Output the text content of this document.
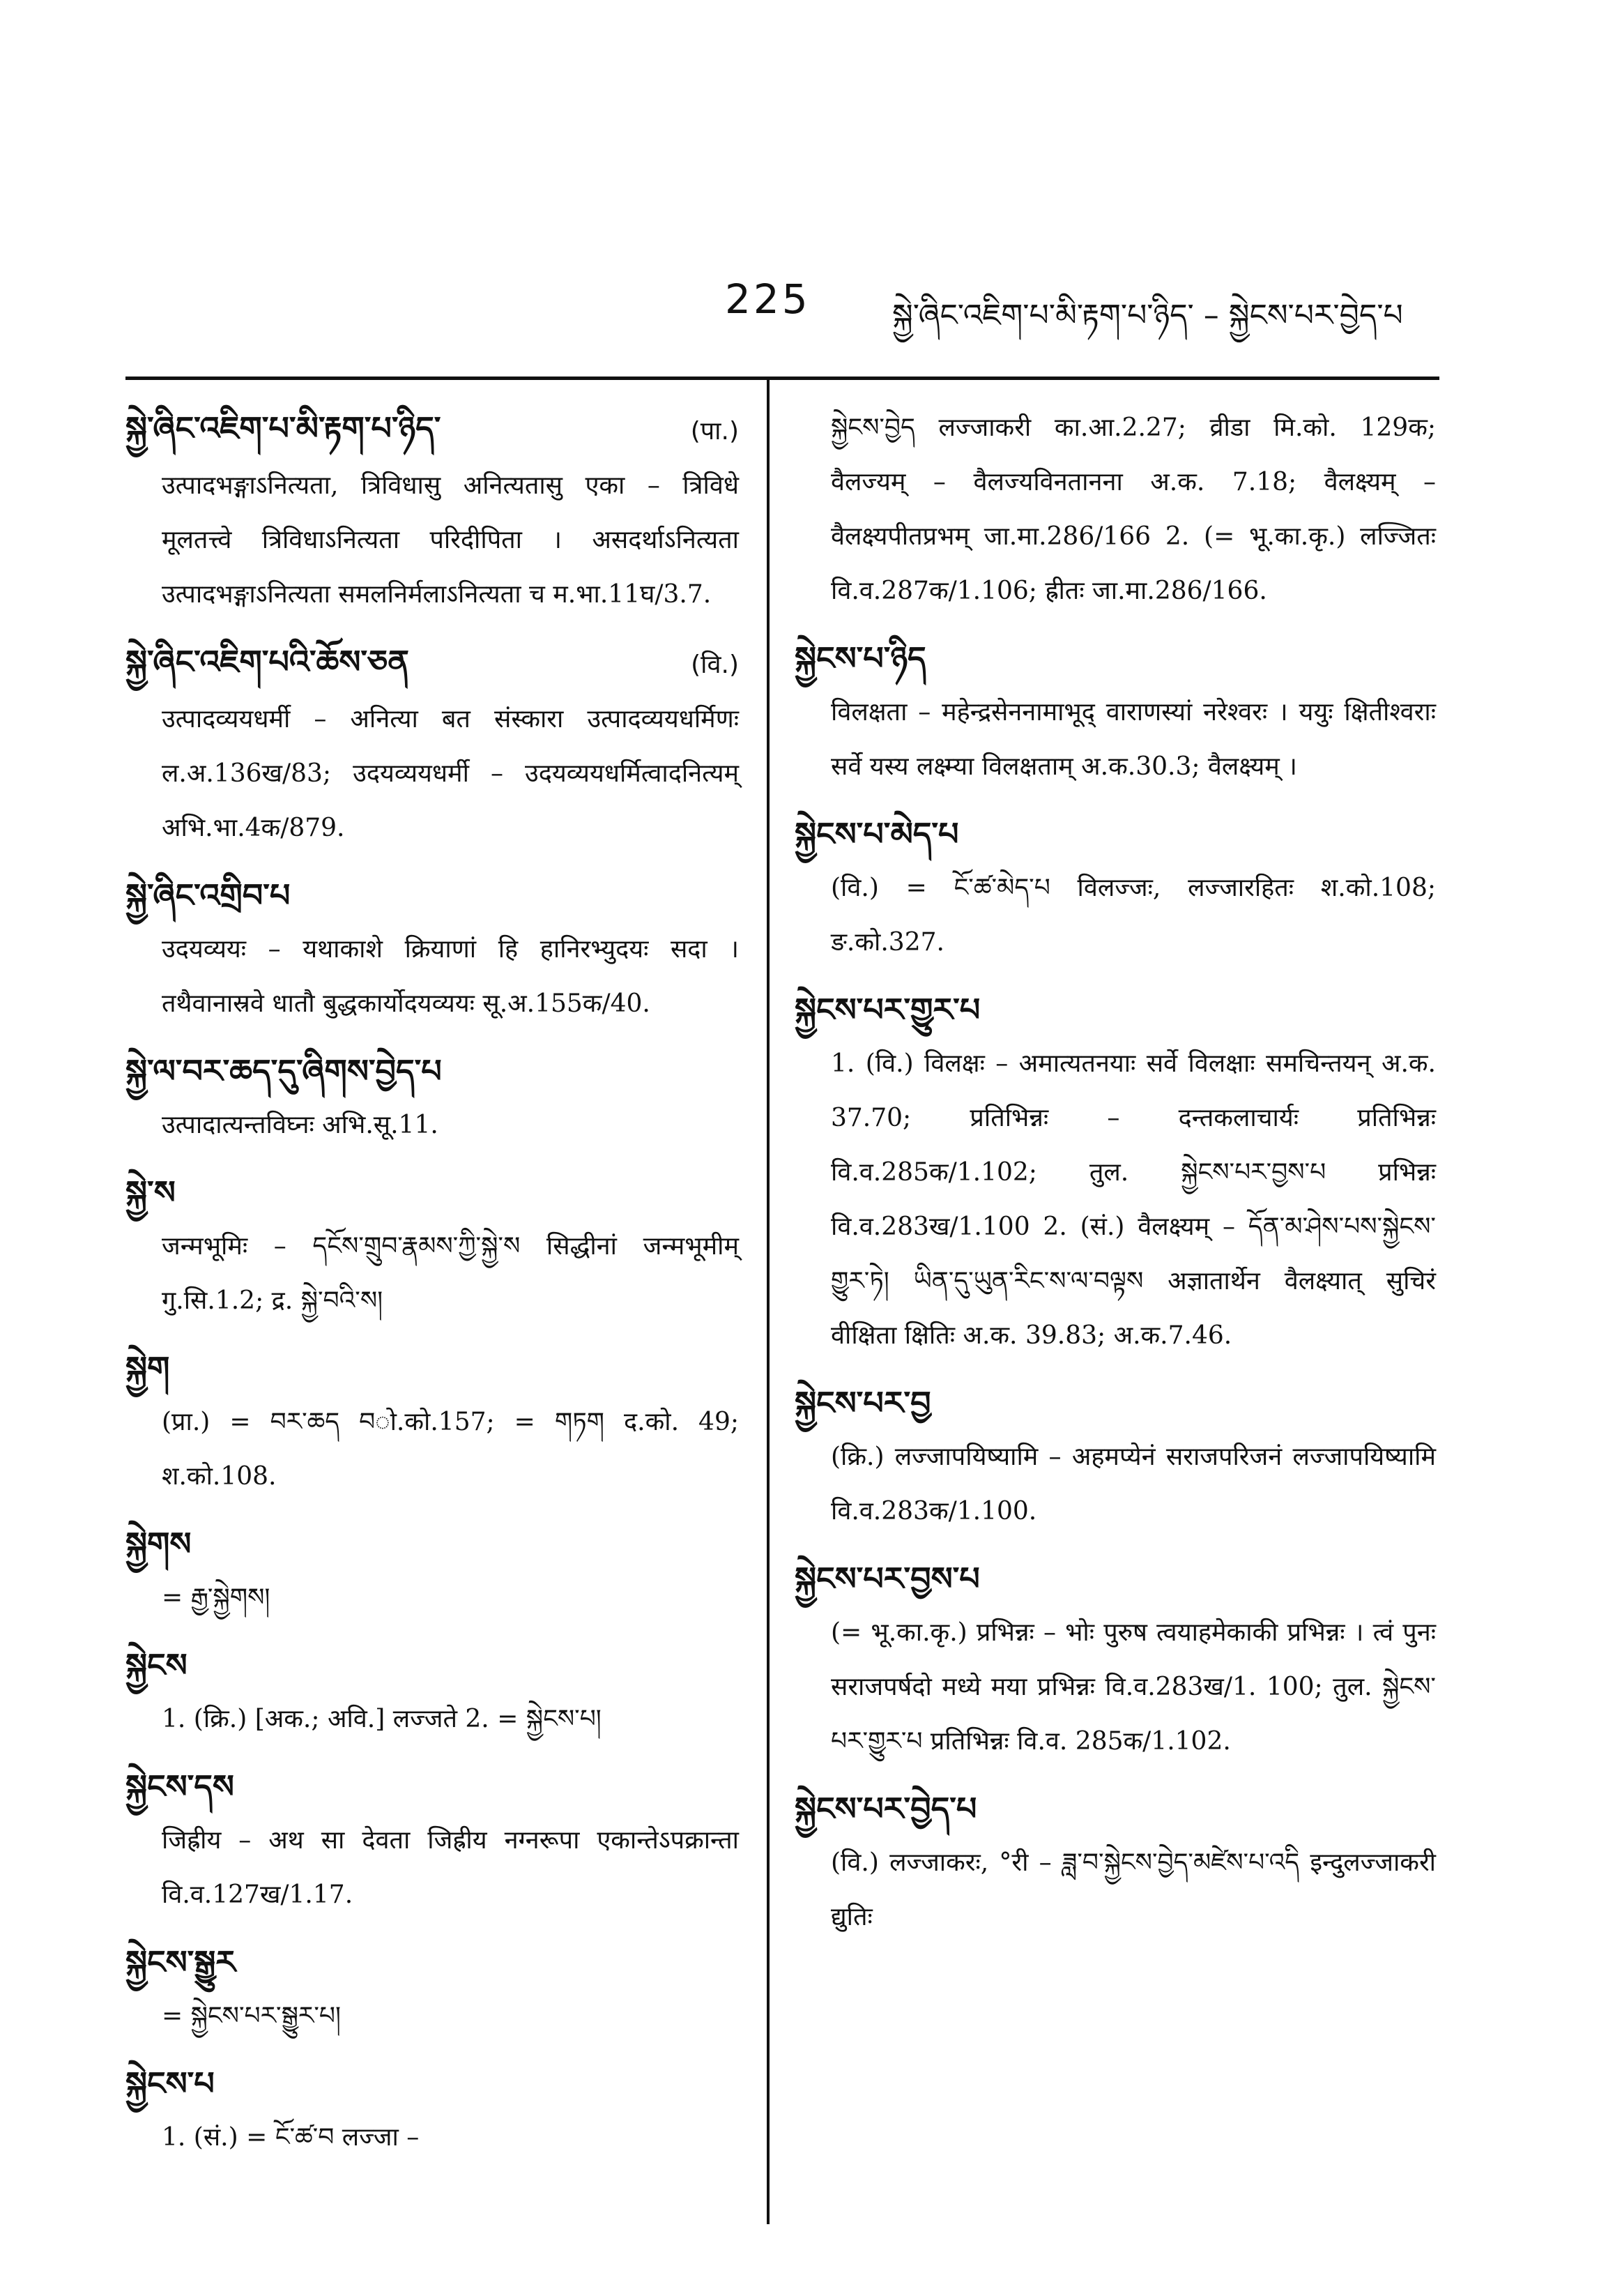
225	སྐྱེ་ཞིང་འཇིག་པ་མི་རྟག་པ་ཉིད་ – སྐྱེངས་པར་བྱེད་པ
སྐྱེ་ཞིང་འཇིག་པ་མི་རྟག་པ་ཉིད་	(पा.)
उत्पादभङ्गाऽनित्यता, त्रिविधासु अनित्यतासु एका – त्रिविधे मूलतत्त्वे त्रिविधाऽनित्यता परिदीपिता । असदर्थाऽनित्यता उत्पादभङ्गाऽनित्यता समलनिर्मलाऽनित्यता च म.भा.11घ/3.7.
སྐྱེ་ཞིང་འཇིག་པའི་ཆོས་ཅན	(वि.)
उत्पादव्ययधर्मी – अनित्या बत संस्कारा उत्पादव्ययधर्मिणः ल.अ.136ख/83; उदयव्ययधर्मी – उदयव्ययधर्मित्वादनित्यम् अभि.भा.4क/879.
སྐྱེ་ཞིང་འགྲིབ་པ
उदयव्ययः – यथाकाशे क्रियाणां हि हानिरभ्युदयः सदा । तथैवानास्रवे धातौ बुद्धकार्योदयव्ययः सू.अ.155क/40.
སྐྱེ་ལ་བར་ཆད་དུ་ཞིགས་བྱེད་པ
उत्पादात्यन्तविघ्नः अभि.सू.11.
སྐྱེ་ས
जन्मभूमिः – དངོས་གྲུབ་རྣམས་ཀྱི་སྐྱེ་ས सिद्धीनां जन्मभूमीम् गु.सि.1.2; द्र. སྐྱེ་བའི་ས།
སྐྱེག
(प्रा.) = བར་ཆད བो.को.157; = གཏག द.को. 49; श.को.108.
སྐྱེགས
= རྒྱ་སྐྱེགས།
སྐྱེངས
1. (क्रि.) [अक.; अवि.] लज्जते 2. = སྐྱེངས་པ།
སྐྱེངས་དས
जिह्रीय – अथ सा देवता जिह्रीय नग्नरूपा एकान्तेऽपक्रान्ता वि.व.127ख/1.17.
སྐྱེངས་སྒྱུར
= སྐྱེངས་པར་སྒྱུར་པ།
སྐྱེངས་པ
1. (सं.) = ངོ་ཚ་བ लज्जा –
སྐྱེངས་བྱེད लज्जाकरी का.आ.2.27; व्रीडा मि.को. 129क; वैलज्यम् – वैलज्यविनतानना अ.क. 7.18; वैलक्ष्यम् – वैलक्ष्यपीतप्रभम् जा.मा.286/166 2. (= भू.का.कृ.) लज्जितः वि.व.287क/1.106; ह्रीतः जा.मा.286/166.
སྐྱེངས་པ་ཉིད
विलक्षता – महेन्द्रसेननामाभूद् वाराणस्यां नरेश्वरः । ययुः क्षितीश्वराः सर्वे यस्य लक्ष्म्या विलक्षताम् अ.क.30.3; वैलक्ष्यम् ।
སྐྱེངས་པ་མེད་པ
(वि.) = ངོ་ཚ་མེད་པ विलज्जः, लज्जारहितः श.को.108; ङ.को.327.
སྐྱེངས་པར་གྱུར་པ
1. (वि.) विलक्षः – अमात्यतनयाः सर्वे विलक्षाः समचिन्तयन् अ.क. 37.70; प्रतिभिन्नः – दन्तकलाचार्यः प्रतिभिन्नः वि.व.285क/1.102; तुल. སྐྱེངས་པར་བྱས་པ प्रभिन्नः वि.व.283ख/1.100 2. (सं.) वैलक्ष्यम् – དོན་མ་ཤེས་པས་སྐྱེངས་གྱུར་ཏེ། ཡིན་དུ་ཡུན་རིང་ས་ལ་བལྟས अज्ञातार्थेन वैलक्ष्यात् सुचिरं वीक्षिता क्षितिः अ.क. 39.83; अ.क.7.46.
སྐྱེངས་པར་བྱ
(क्रि.) लज्जापयिष्यामि – अहमप्येनं सराजपरिजनं लज्जापयिष्यामि वि.व.283क/1.100.
སྐྱེངས་པར་བྱས་པ
(= भू.का.कृ.) प्रभिन्नः – भोः पुरुष त्वयाहमेकाकी प्रभिन्नः । त्वं पुनः सराजपर्षदो मध्ये मया प्रभिन्नः वि.व.283ख/1. 100; तुल. སྐྱེངས་པར་གྱུར་པ प्रतिभिन्नः वि.व. 285क/1.102.
སྐྱེངས་པར་བྱེད་པ
(वि.) लज्जाकरः, °री – ཟླ་བ་སྐྱེངས་བྱེད་མཛེས་པ་འདི इन्दुलज्जाकरी द्युतिः
